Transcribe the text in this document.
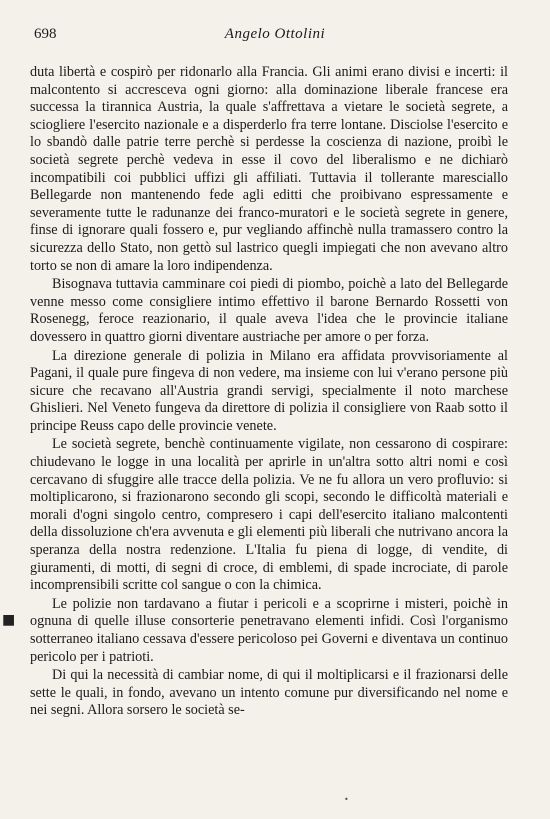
698	Angelo Ottolini

duta libertà e cospirò per ridonarlo alla Francia. Gli animi erano divisi e incerti: il malcontento si accresceva ogni giorno: alla dominazione liberale francese era successa la tirannica Austria, la quale s'affrettava a vietare le società segrete, a sciogliere l'esercito nazionale e a disperderlo fra terre lontane. Disciolse l'esercito e lo sbandò dalle patrie terre perchè si perdesse la coscienza di nazione, proibì le società segrete perchè vedeva in esse il covo del liberalismo e ne dichiarò incompatibili coi pubblici uffizi gli affiliati. Tuttavia il tollerante maresciallo Bellegarde non mantenendo fede agli editti che proibivano espressamente e severamente tutte le radunanze dei franco-muratori e le società segrete in genere, finse di ignorare quali fossero e, pur vegliando affinchè nulla tramassero contro la sicurezza dello Stato, non gettò sul lastrico quegli impiegati che non avevano altro torto se non di amare la loro indipendenza.

Bisognava tuttavia camminare coi piedi di piombo, poichè a lato del Bellegarde venne messo come consigliere intimo effettivo il barone Bernardo Rossetti von Rosenegg, feroce reazionario, il quale aveva l'idea che le provincie italiane dovessero in quattro giorni diventare austriache per amore o per forza.

La direzione generale di polizia in Milano era affidata provvisoriamente al Pagani, il quale pure fingeva di non vedere, ma insieme con lui v'erano persone più sicure che recavano all'Austria grandi servigi, specialmente il noto marchese Ghislieri. Nel Veneto fungeva da direttore di polizia il consigliere von Raab sotto il principe Reuss capo delle provincie venete.

Le società segrete, benchè continuamente vigilate, non cessarono di cospirare: chiudevano le logge in una località per aprirle in un'altra sotto altri nomi e così cercavano di sfuggire alle tracce della polizia. Ve ne fu allora un vero profluvio: si moltiplicarono, si frazionarono secondo gli scopi, secondo le difficoltà materiali e morali d'ogni singolo centro, compresero i capi dell'esercito italiano malcontenti della dissoluzione ch'era avvenuta e gli elementi più liberali che nutrivano ancora la speranza della nostra redenzione. L'Italia fu piena di logge, di vendite, di giuramenti, di motti, di segni di croce, di emblemi, di spade incrociate, di parole incomprensibili scritte col sangue o con la chimica.

Le polizie non tardavano a fiutar i pericoli e a scoprirne i misteri, poichè in ognuna di quelle illuse consorterie penetravano elementi infidi. Così l'organismo sotterraneo italiano cessava d'essere pericoloso pei Governi e diventava un continuo pericolo per i patrioti.

Di qui la necessità di cambiar nome, di qui il moltiplicarsi e il frazionarsi delle sette le quali, in fondo, avevano un intento comune pur diversificando nel nome e nei segni. Allora sorsero le società se-

■
•
